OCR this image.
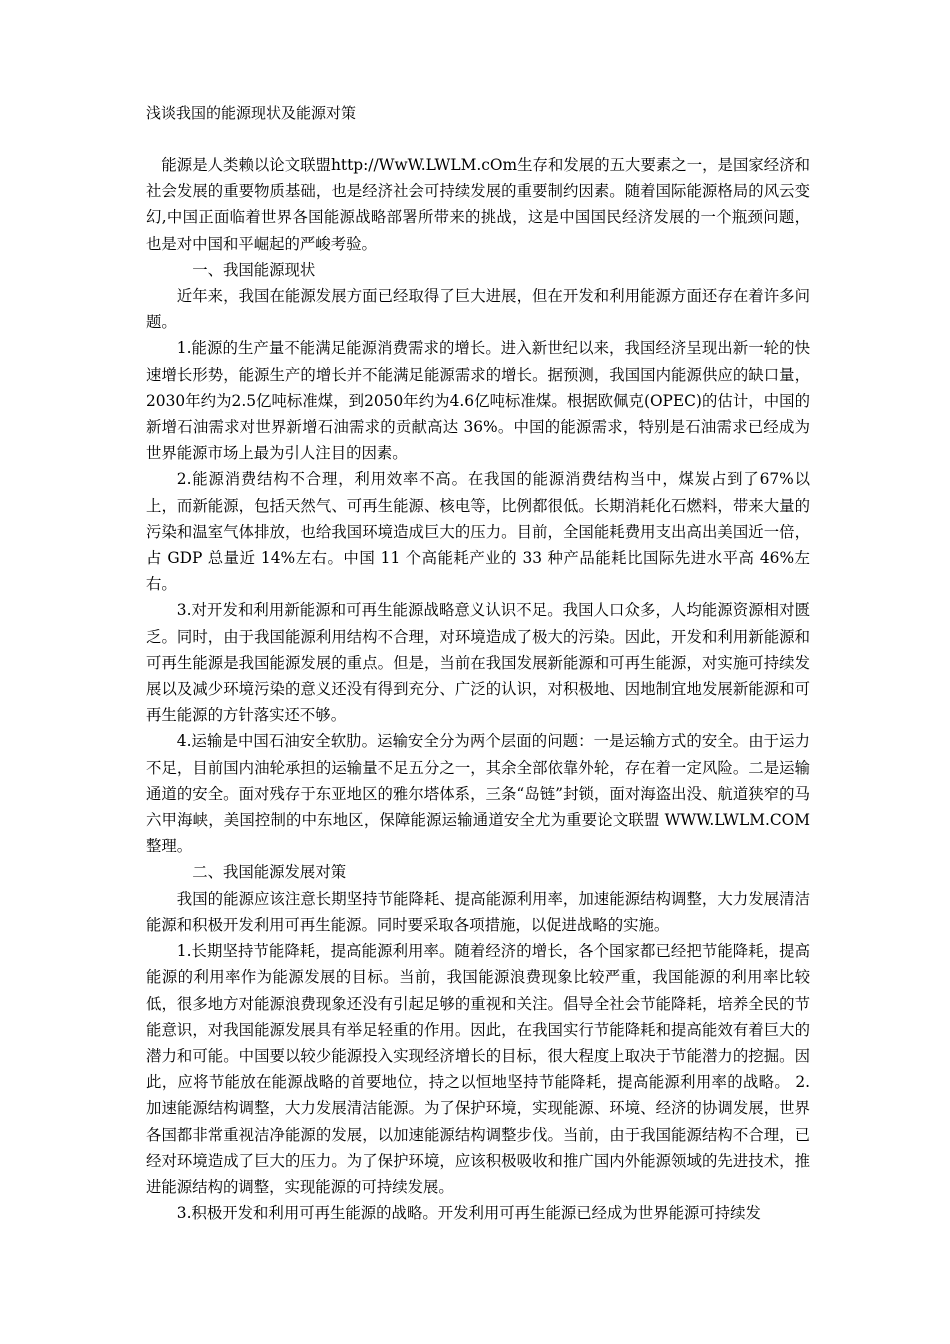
浅谈我国的能源现状及能源对策

能源是人类赖以论文联盟http://WwW.LWLM.cOm生存和发展的五大要素之一，是国家经济和社会发展的重要物质基础，也是经济社会可持续发展的重要制约因素。随着国际能源格局的风云变幻,中国正面临着世界各国能源战略部署所带来的挑战，这是中国国民经济发展的一个瓶颈问题，也是对中国和平崛起的严峻考验。

一、我国能源现状

近年来，我国在能源发展方面已经取得了巨大进展，但在开发和利用能源方面还存在着许多问题。

1.能源的生产量不能满足能源消费需求的增长。进入新世纪以来，我国经济呈现出新一轮的快速增长形势，能源生产的增长并不能满足能源需求的增长。据预测，我国国内能源供应的缺口量，2030年约为2.5亿吨标准煤，到2050年约为4.6亿吨标准煤。根据欧佩克(OPEC)的估计，中国的新增石油需求对世界新增石油需求的贡献高达 36%。中国的能源需求，特别是石油需求已经成为世界能源市场上最为引人注目的因素。

2.能源消费结构不合理，利用效率不高。在我国的能源消费结构当中，煤炭占到了67%以上，而新能源，包括天然气、可再生能源、核电等，比例都很低。长期消耗化石燃料，带来大量的污染和温室气体排放，也给我国环境造成巨大的压力。目前，全国能耗费用支出高出美国近一倍，占 GDP 总量近 14%左右。中国 11 个高能耗产业的 33 种产品能耗比国际先进水平高 46%左右。

3.对开发和利用新能源和可再生能源战略意义认识不足。我国人口众多，人均能源资源相对匮乏。同时，由于我国能源利用结构不合理，对环境造成了极大的污染。因此，开发和利用新能源和可再生能源是我国能源发展的重点。但是，当前在我国发展新能源和可再生能源，对实施可持续发展以及减少环境污染的意义还没有得到充分、广泛的认识，对积极地、因地制宜地发展新能源和可再生能源的方针落实还不够。

4.运输是中国石油安全软肋。运输安全分为两个层面的问题：一是运输方式的安全。由于运力不足，目前国内油轮承担的运输量不足五分之一，其余全部依靠外轮，存在着一定风险。二是运输通道的安全。面对残存于东亚地区的雅尔塔体系，三条“岛链”封锁，面对海盗出没、航道狭窄的马六甲海峡，美国控制的中东地区，保障能源运输通道安全尤为重要论文联盟 WWW.LWLM.COM整理。

二、我国能源发展对策

我国的能源应该注意长期坚持节能降耗、提高能源利用率，加速能源结构调整，大力发展清洁能源和积极开发利用可再生能源。同时要采取各项措施，以促进战略的实施。

1.长期坚持节能降耗，提高能源利用率。随着经济的增长，各个国家都已经把节能降耗，提高能源的利用率作为能源发展的目标。当前，我国能源浪费现象比较严重，我国能源的利用率比较低，很多地方对能源浪费现象还没有引起足够的重视和关注。倡导全社会节能降耗，培养全民的节能意识，对我国能源发展具有举足轻重的作用。因此，在我国实行节能降耗和提高能效有着巨大的潜力和可能。中国要以较少能源投入实现经济增长的目标，很大程度上取决于节能潜力的挖掘。因此，应将节能放在能源战略的首要地位，持之以恒地坚持节能降耗，提高能源利用率的战略。 2.加速能源结构调整，大力发展清洁能源。为了保护环境，实现能源、环境、经济的协调发展，世界各国都非常重视洁净能源的发展，以加速能源结构调整步伐。当前，由于我国能源结构不合理，已经对环境造成了巨大的压力。为了保护环境，应该积极吸收和推广国内外能源领域的先进技术，推进能源结构的调整，实现能源的可持续发展。

3.积极开发和利用可再生能源的战略。开发利用可再生能源已经成为世界能源可持续发
